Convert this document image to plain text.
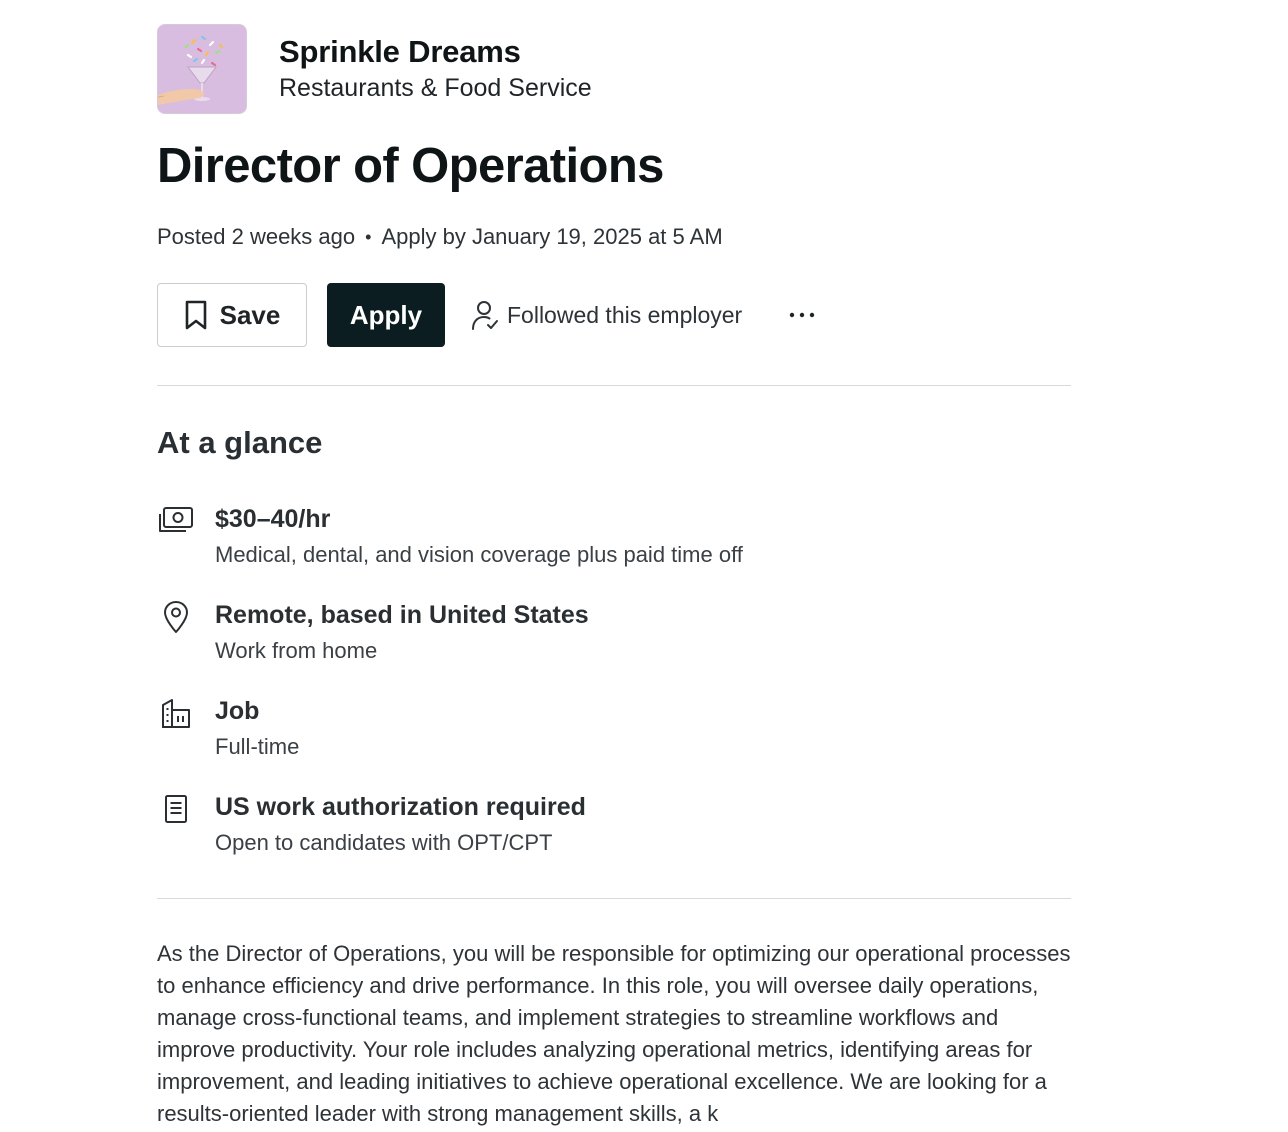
Sprinkle Dreams
Restaurants & Food Service
Director of Operations
Posted 2 weeks ago • Apply by January 19, 2025 at 5 AM
Save	Apply	Followed this employer
At a glance
$30–40/hr
Medical, dental, and vision coverage plus paid time off
Remote, based in United States
Work from home
Job
Full-time
US work authorization required
Open to candidates with OPT/CPT

As the Director of Operations, you will be responsible for optimizing our operational processes to enhance efficiency and drive performance. In this role, you will oversee daily operations, manage cross-functional teams, and implement strategies to streamline workflows and improve productivity. Your role includes analyzing operational metrics, identifying areas for improvement, and leading initiatives to achieve operational excellence. We are looking for a results-oriented leader with strong management skills, a k
